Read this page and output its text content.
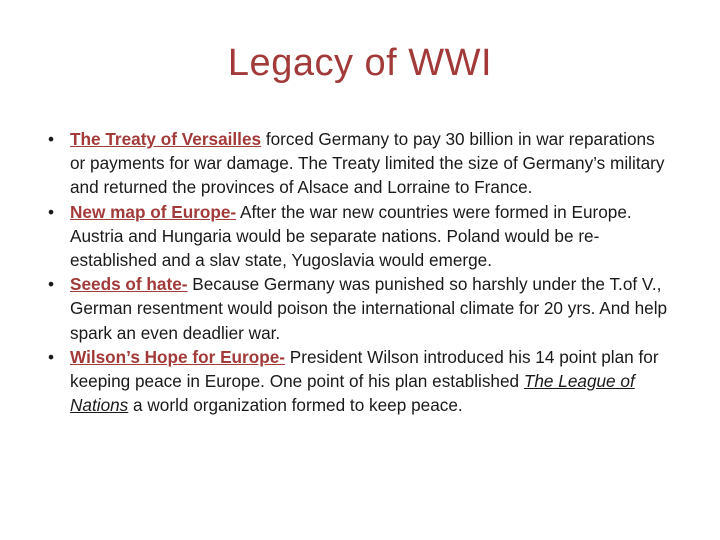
Legacy of WWI
• The Treaty of Versailles forced Germany to pay 30 billion in war reparations or payments for war damage. The Treaty limited the size of Germany’s military and returned the provinces of Alsace and Lorraine to France.
• New map of Europe- After the war new countries were formed in Europe. Austria and Hungaria would be separate nations. Poland would be re-established and a slav state, Yugoslavia would emerge.
• Seeds of hate- Because Germany was punished so harshly under the T.of V., German resentment would poison the international climate for 20 yrs. And help spark an even deadlier war.
• Wilson’s Hope for Europe- President Wilson introduced his 14 point plan for keeping peace in Europe. One point of his plan established The League of Nations a world organization formed to keep peace.
